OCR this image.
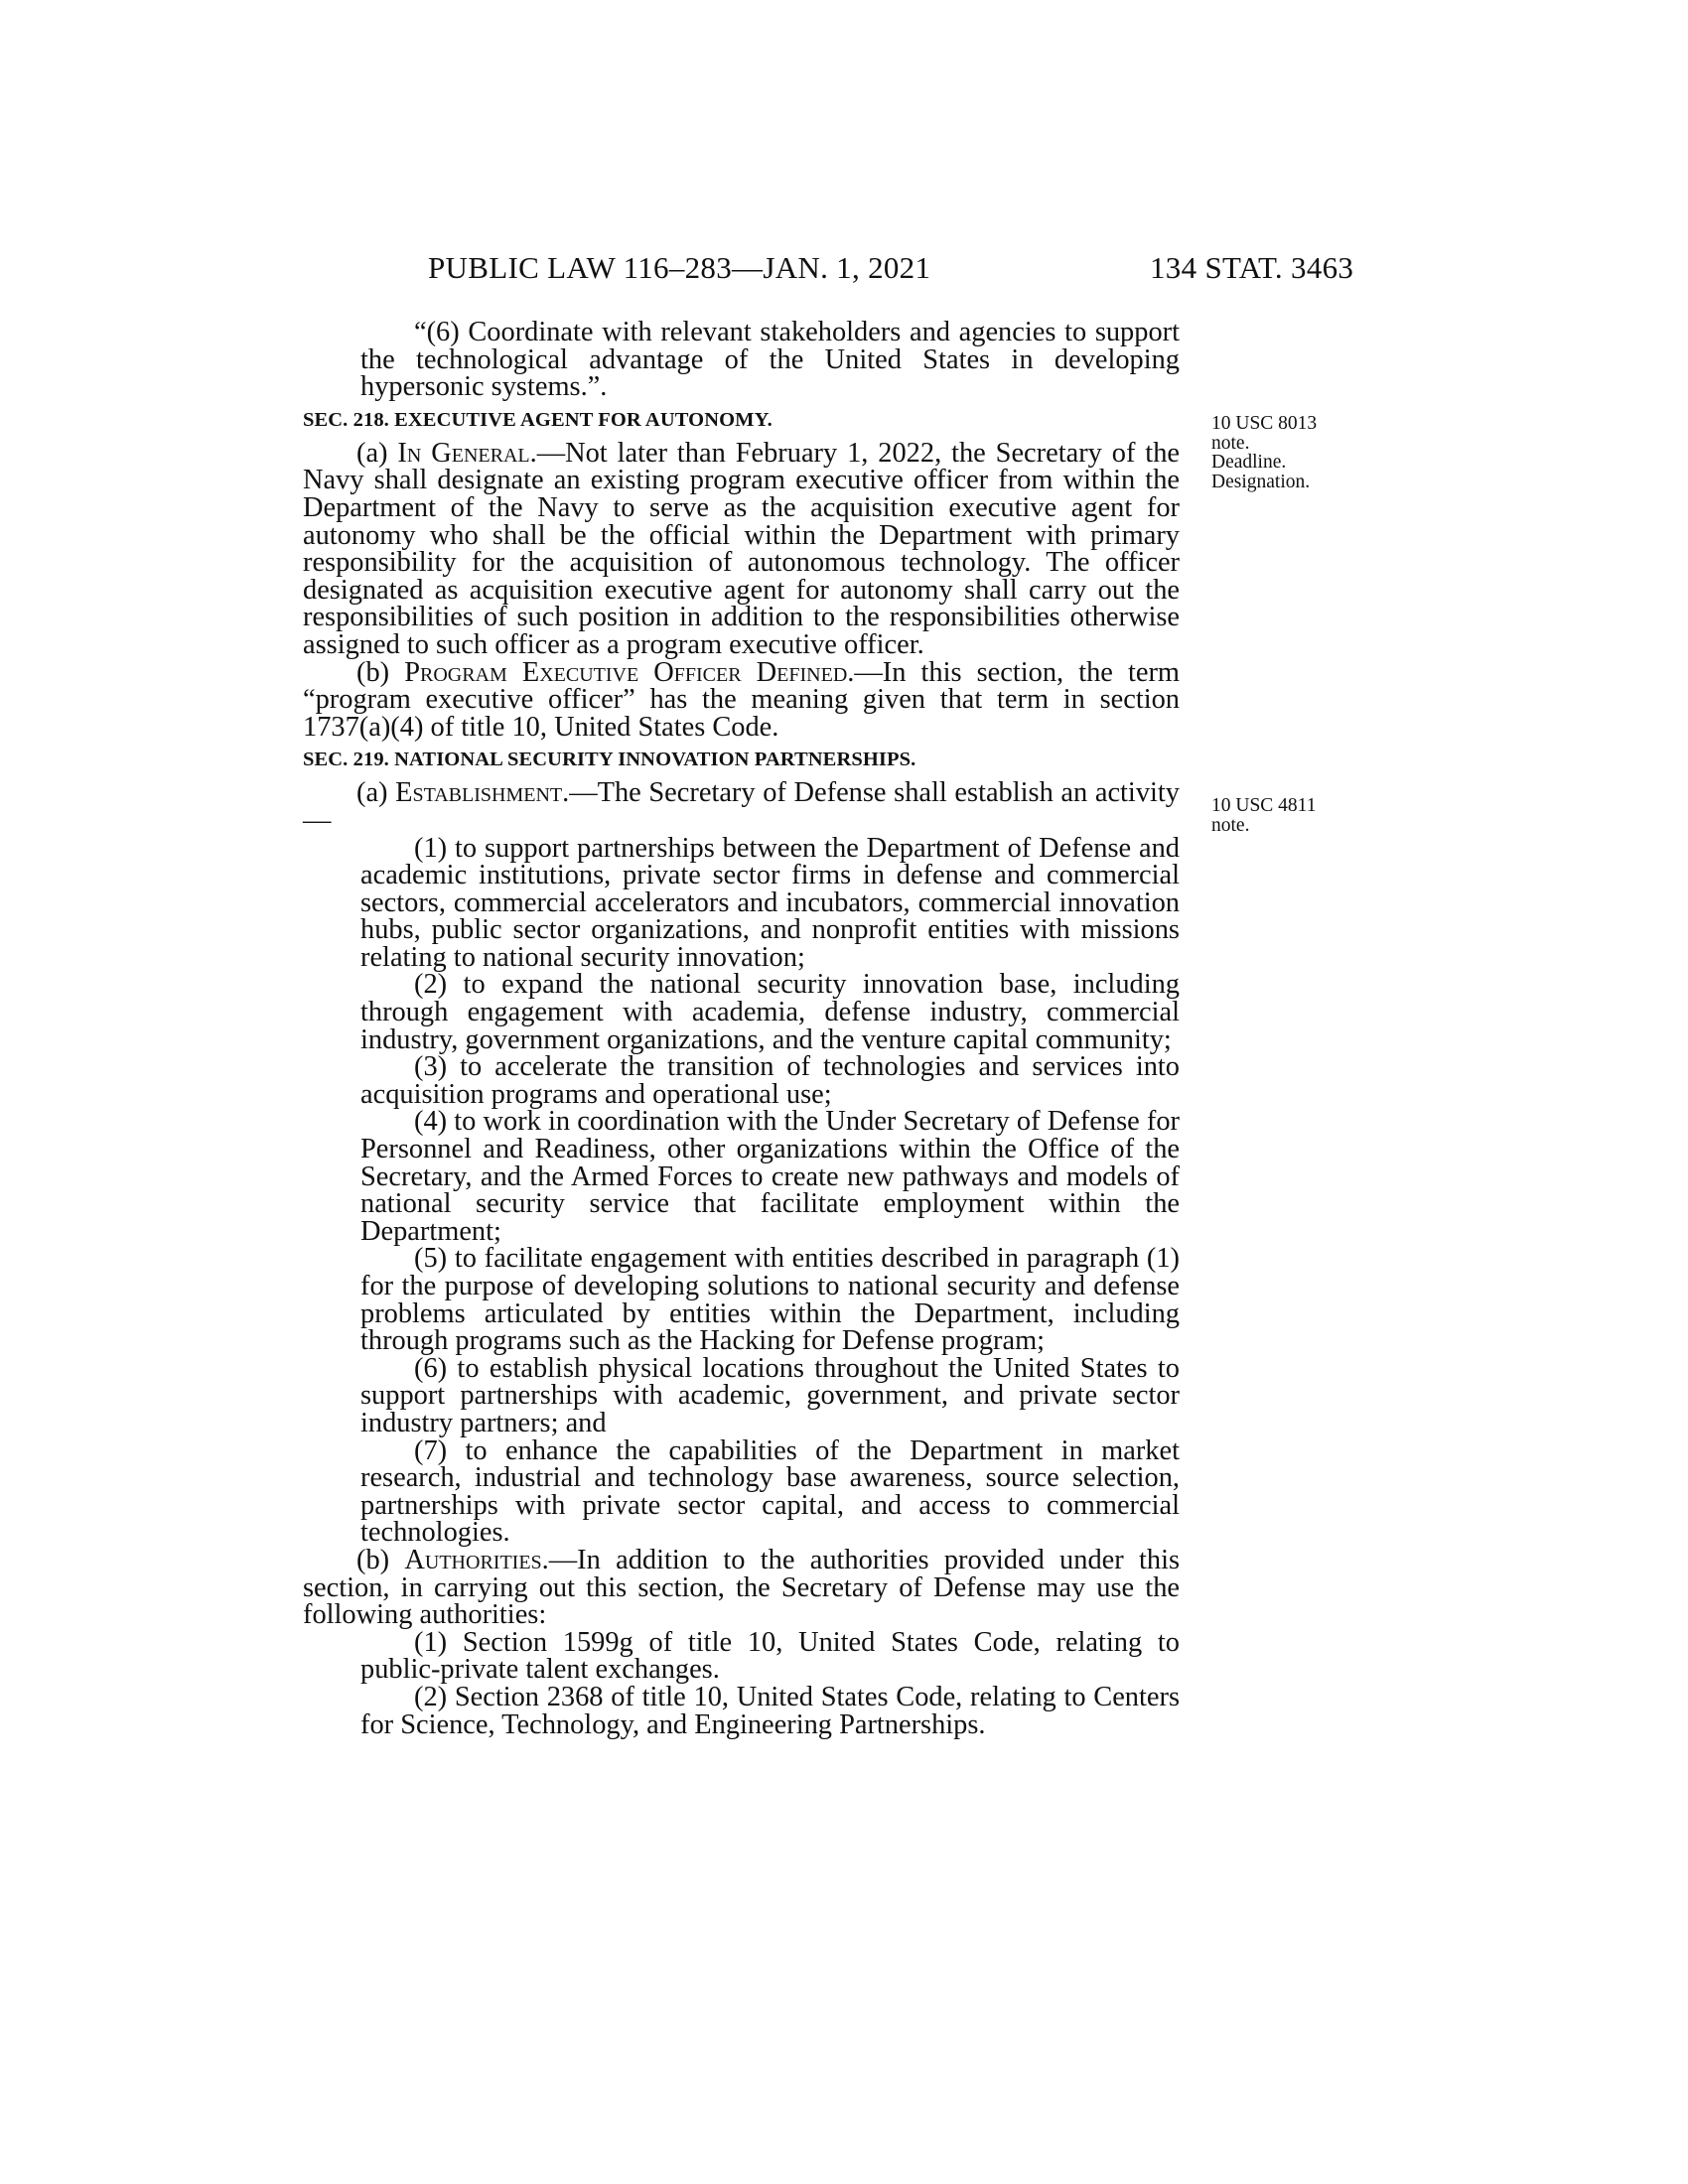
PUBLIC LAW 116–283—JAN. 1, 2021	134 STAT. 3463

“(6) Coordinate with relevant stakeholders and agencies to support the technological advantage of the United States in developing hypersonic systems.”.

SEC. 218. EXECUTIVE AGENT FOR AUTONOMY.

(a) In General.—Not later than February 1, 2022, the Secretary of the Navy shall designate an existing program executive officer from within the Department of the Navy to serve as the acquisition executive agent for autonomy who shall be the official within the Department with primary responsibility for the acquisition of autonomous technology. The officer designated as acquisition executive agent for autonomy shall carry out the responsibilities of such position in addition to the responsibilities otherwise assigned to such officer as a program executive officer.

(b) Program Executive Officer Defined.—In this section, the term “program executive officer” has the meaning given that term in section 1737(a)(4) of title 10, United States Code.

SEC. 219. NATIONAL SECURITY INNOVATION PARTNERSHIPS.

(a) Establishment.—The Secretary of Defense shall establish an activity—

(1) to support partnerships between the Department of Defense and academic institutions, private sector firms in defense and commercial sectors, commercial accelerators and incubators, commercial innovation hubs, public sector organizations, and nonprofit entities with missions relating to national security innovation;

(2) to expand the national security innovation base, including through engagement with academia, defense industry, commercial industry, government organizations, and the venture capital community;

(3) to accelerate the transition of technologies and services into acquisition programs and operational use;

(4) to work in coordination with the Under Secretary of Defense for Personnel and Readiness, other organizations within the Office of the Secretary, and the Armed Forces to create new pathways and models of national security service that facilitate employment within the Department;

(5) to facilitate engagement with entities described in paragraph (1) for the purpose of developing solutions to national security and defense problems articulated by entities within the Department, including through programs such as the Hacking for Defense program;

(6) to establish physical locations throughout the United States to support partnerships with academic, government, and private sector industry partners; and

(7) to enhance the capabilities of the Department in market research, industrial and technology base awareness, source selection, partnerships with private sector capital, and access to commercial technologies.

(b) Authorities.—In addition to the authorities provided under this section, in carrying out this section, the Secretary of Defense may use the following authorities:

(1) Section 1599g of title 10, United States Code, relating to public-private talent exchanges.

(2) Section 2368 of title 10, United States Code, relating to Centers for Science, Technology, and Engineering Partnerships.

10 USC 8013
note.
Deadline.
Designation.
10 USC 4811
note.
